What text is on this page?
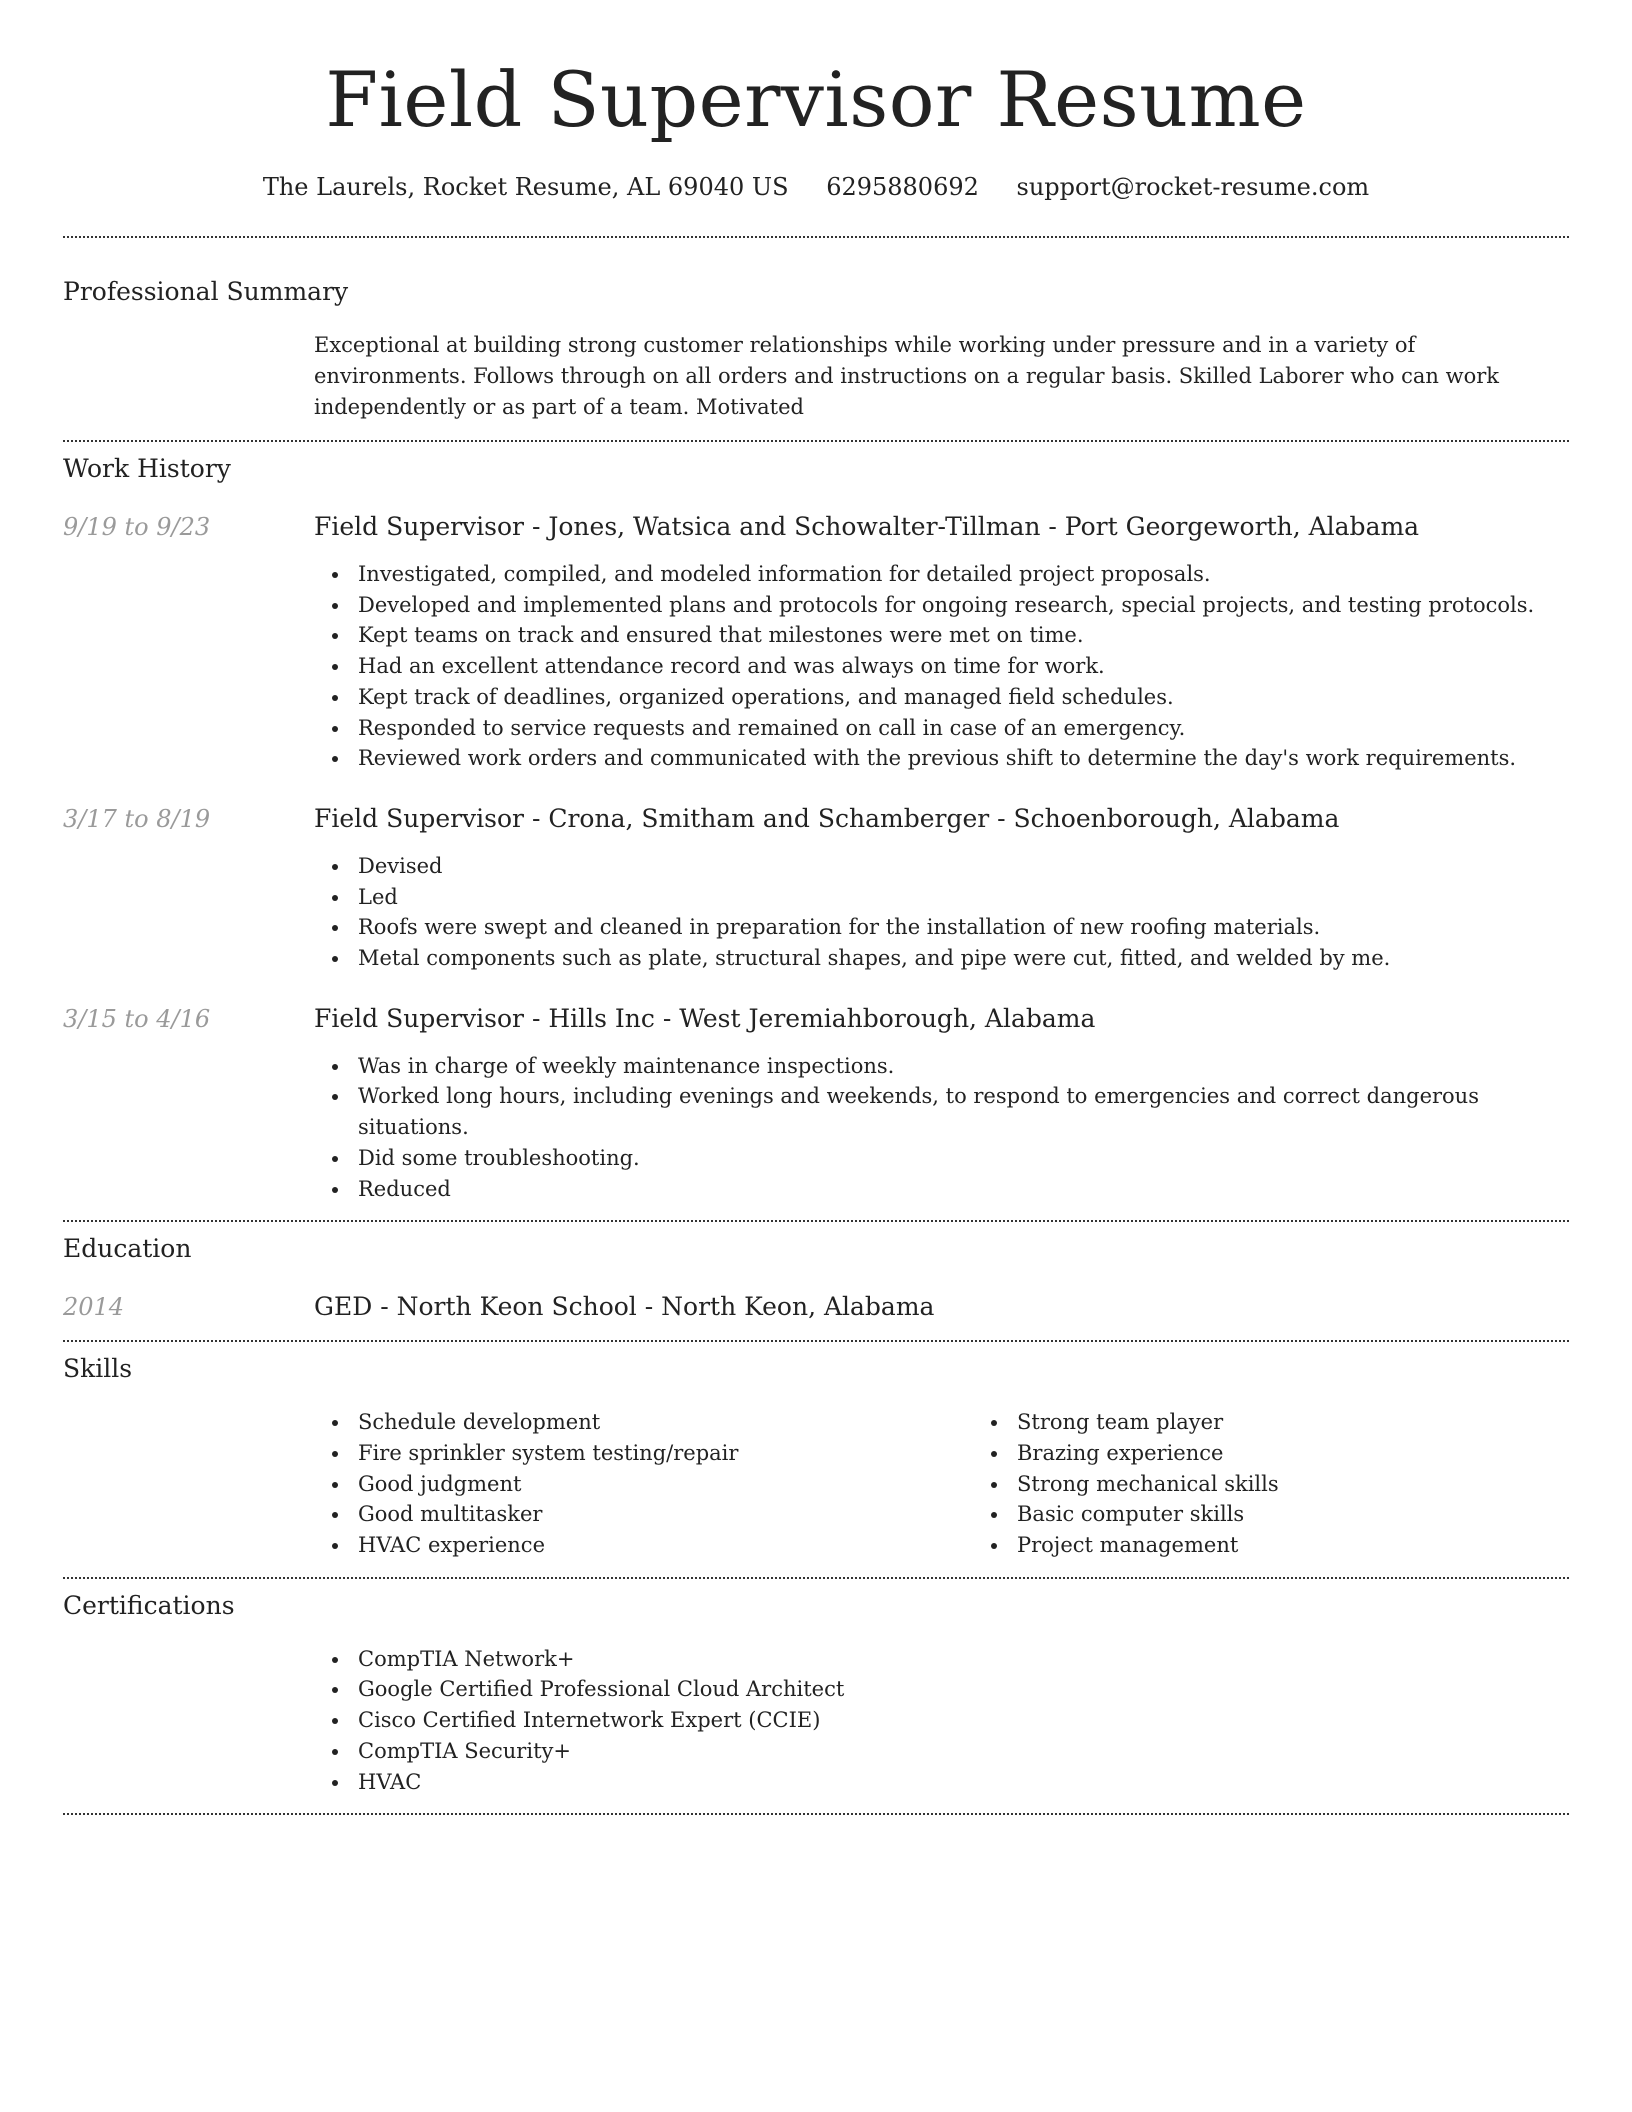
Field Supervisor Resume
The Laurels, Rocket Resume, AL 69040 US 6295880692 support@rocket-resume.com
Professional Summary

Exceptional at building strong customer relationships while working under pressure and in a variety of environments. Follows through on all orders and instructions on a regular basis. Skilled Laborer who can work independently or as part of a team. Motivated

Work History
9/19 to 9/23	Field Supervisor - Jones, Watsica and Schowalter-Tillman - Port Georgeworth, Alabama
Investigated, compiled, and modeled information for detailed project proposals.
Developed and implemented plans and protocols for ongoing research, special projects, and testing protocols.
Kept teams on track and ensured that milestones were met on time.
Had an excellent attendance record and was always on time for work.
Kept track of deadlines, organized operations, and managed field schedules.
Responded to service requests and remained on call in case of an emergency.
Reviewed work orders and communicated with the previous shift to determine the day's work requirements.
3/17 to 8/19	Field Supervisor - Crona, Smitham and Schamberger - Schoenborough, Alabama
Devised
Led
Roofs were swept and cleaned in preparation for the installation of new roofing materials.
Metal components such as plate, structural shapes, and pipe were cut, fitted, and welded by me.
3/15 to 4/16	Field Supervisor - Hills Inc - West Jeremiahborough, Alabama
Was in charge of weekly maintenance inspections.
Worked long hours, including evenings and weekends, to respond to emergencies and correct dangerous situations.
Did some troubleshooting.
Reduced
Education
2014	GED - North Keon School - North Keon, Alabama
Skills
Schedule development
Fire sprinkler system testing/repair
Good judgment
Good multitasker
HVAC experience
Strong team player
Brazing experience
Strong mechanical skills
Basic computer skills
Project management
Certifications
CompTIA Network+
Google Certified Professional Cloud Architect
Cisco Certified Internetwork Expert (CCIE)
CompTIA Security+
HVAC
